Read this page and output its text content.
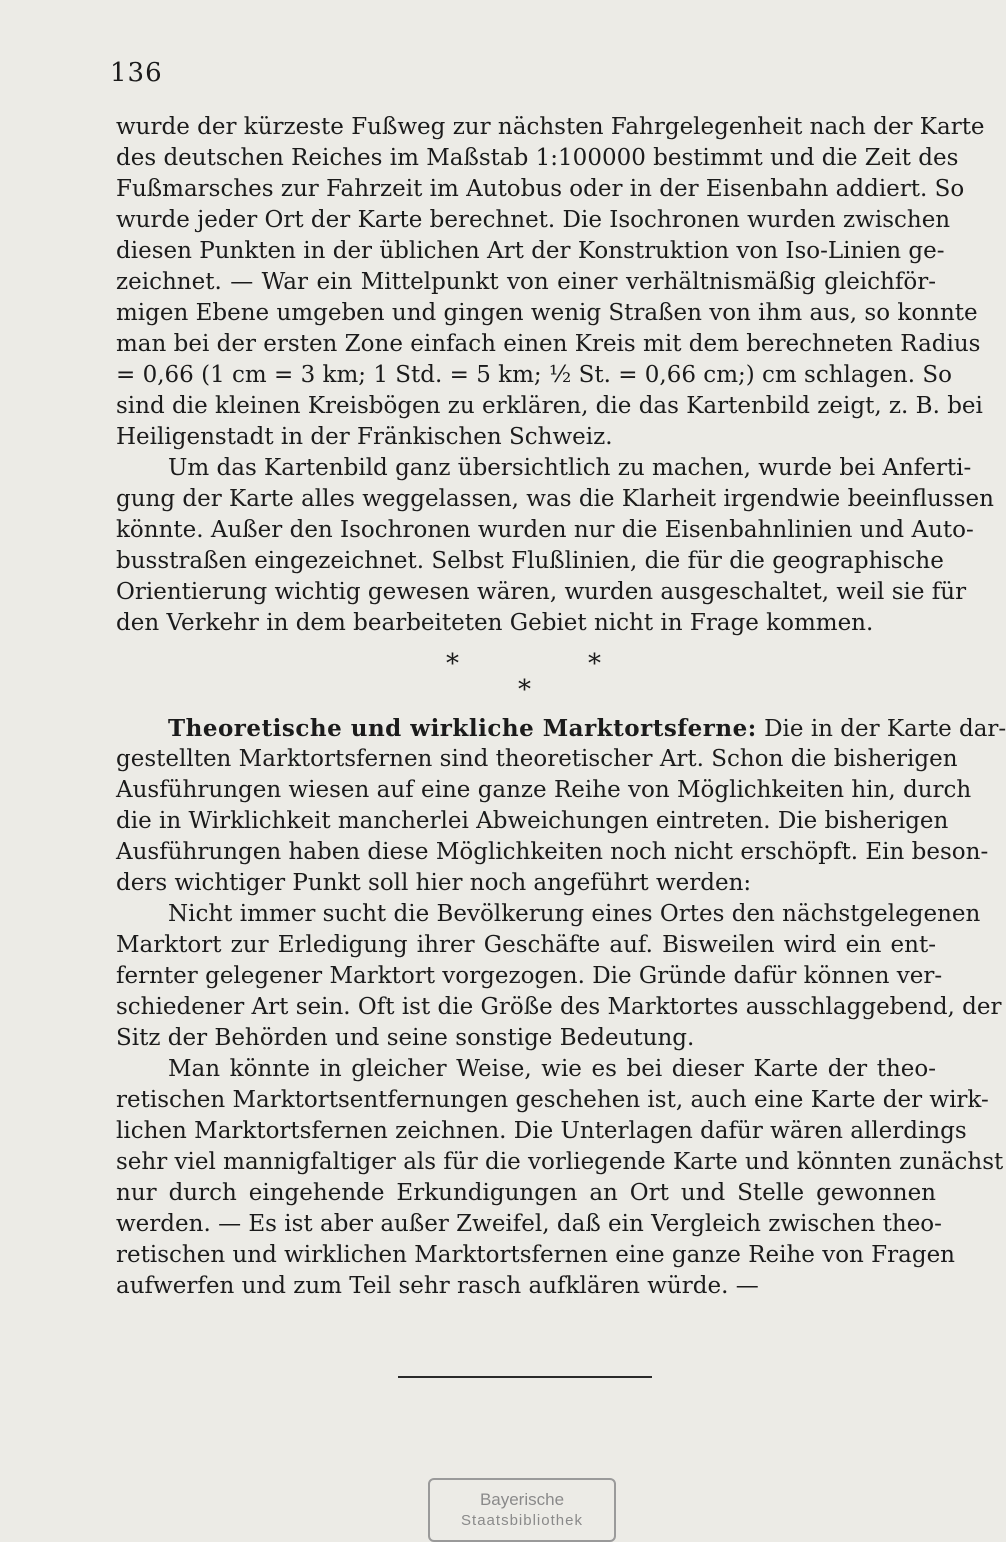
136
wurde der kürzeste Fußweg zur nächsten Fahrgelegenheit nach der Karte
des deutschen Reiches im Maßstab 1:100000 bestimmt und die Zeit des
Fußmarsches zur Fahrzeit im Autobus oder in der Eisenbahn addiert. So
wurde jeder Ort der Karte berechnet. Die Isochronen wurden zwischen
diesen Punkten in der üblichen Art der Konstruktion von Iso-Linien ge-
zeichnet. — War ein Mittelpunkt von einer verhältnismäßig gleichför-
migen Ebene umgeben und gingen wenig Straßen von ihm aus, so konnte
man bei der ersten Zone einfach einen Kreis mit dem berechneten Radius
= 0,66 (1 cm = 3 km; 1 Std. = 5 km; ½ St. = 0,66 cm;) cm schlagen. So
sind die kleinen Kreisbögen zu erklären, die das Kartenbild zeigt, z. B. bei
Heiligenstadt in der Fränkischen Schweiz.
Um das Kartenbild ganz übersichtlich zu machen, wurde bei Anferti-
gung der Karte alles weggelassen, was die Klarheit irgendwie beeinflussen
könnte. Außer den Isochronen wurden nur die Eisenbahnlinien und Auto-
busstraßen eingezeichnet. Selbst Flußlinien, die für die geographische
Orientierung wichtig gewesen wären, wurden ausgeschaltet, weil sie für
den Verkehr in dem bearbeiteten Gebiet nicht in Frage kommen.
*	*
*
Theoretische und wirkliche Marktortsferne: Die in der Karte dar-
gestellten Marktortsfernen sind theoretischer Art. Schon die bisherigen
Ausführungen wiesen auf eine ganze Reihe von Möglichkeiten hin, durch
die in Wirklichkeit mancherlei Abweichungen eintreten. Die bisherigen
Ausführungen haben diese Möglichkeiten noch nicht erschöpft. Ein beson-
ders wichtiger Punkt soll hier noch angeführt werden:
Nicht immer sucht die Bevölkerung eines Ortes den nächstgelegenen
Marktort zur Erledigung ihrer Geschäfte auf. Bisweilen wird ein ent-
fernter gelegener Marktort vorgezogen. Die Gründe dafür können ver-
schiedener Art sein. Oft ist die Größe des Marktortes ausschlaggebend, der
Sitz der Behörden und seine sonstige Bedeutung.
Man könnte in gleicher Weise, wie es bei dieser Karte der theo-
retischen Marktortsentfernungen geschehen ist, auch eine Karte der wirk-
lichen Marktortsfernen zeichnen. Die Unterlagen dafür wären allerdings
sehr viel mannigfaltiger als für die vorliegende Karte und könnten zunächst
nur durch eingehende Erkundigungen an Ort und Stelle gewonnen
werden. — Es ist aber außer Zweifel, daß ein Vergleich zwischen theo-
retischen und wirklichen Marktortsfernen eine ganze Reihe von Fragen
aufwerfen und zum Teil sehr rasch aufklären würde. —
Bayerische
Staatsbibliothek
